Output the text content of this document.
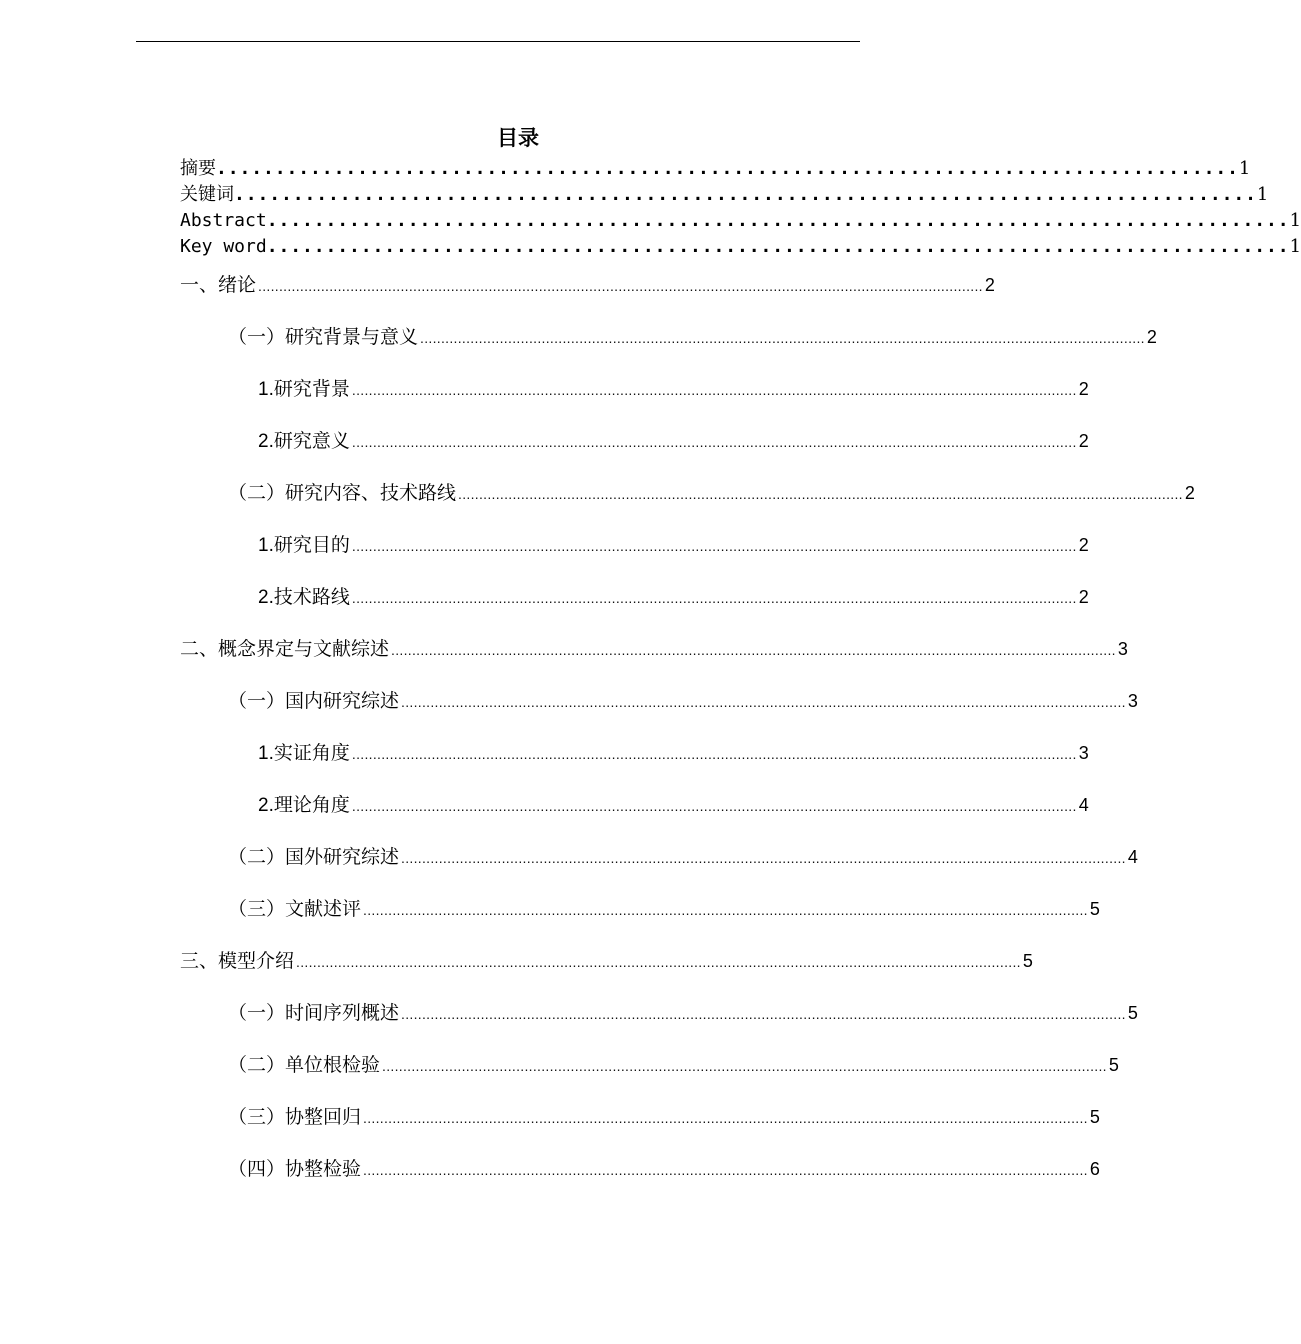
目录
摘要 ....................................................................................... 1
关键词 ....................................................................................... 1
Abstract ....................................................................................... 1
Key word ....................................................................................... 1
一、绪论 ............................................................................................................................................................................. 2
（一）研究背景与意义 ............................................................................................................................................................................. 2
1.研究背景 ............................................................................................................................................................................. 2
2.研究意义 ............................................................................................................................................................................. 2
（二）研究内容、技术路线 ............................................................................................................................................................................. 2
1.研究目的 ............................................................................................................................................................................. 2
2.技术路线 ............................................................................................................................................................................. 2
二、概念界定与文献综述 ............................................................................................................................................................................. 3
（一）国内研究综述 ............................................................................................................................................................................. 3
1.实证角度 ............................................................................................................................................................................. 3
2.理论角度 ............................................................................................................................................................................. 4
（二）国外研究综述 ............................................................................................................................................................................. 4
（三）文献述评 ............................................................................................................................................................................. 5
三、模型介绍 ............................................................................................................................................................................. 5
（一）时间序列概述 ............................................................................................................................................................................. 5
（二）单位根检验 ............................................................................................................................................................................. 5
（三）协整回归 ............................................................................................................................................................................. 5
（四）协整检验 ............................................................................................................................................................................. 6
